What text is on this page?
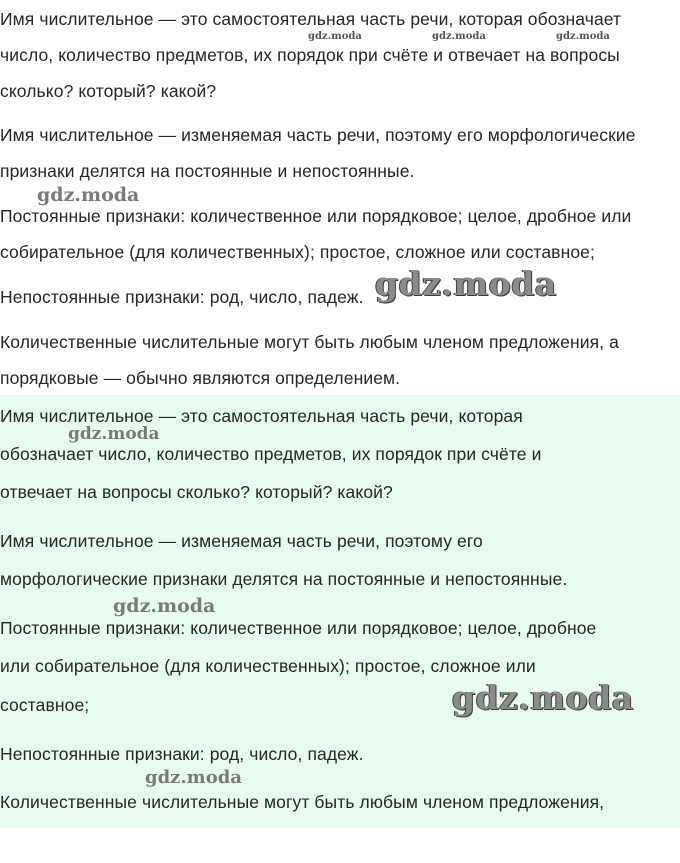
Имя числительное — это самостоятельная часть речи, которая обозначает
число, количество предметов, их порядок при счёте и отвечает на вопросы
сколько? который? какой?
Имя числительное — изменяемая часть речи, поэтому его морфологические
признаки делятся на постоянные и непостоянные.
Постоянные признаки: количественное или порядковое; целое, дробное или
собирательное (для количественных); простое, сложное или составное;
Непостоянные признаки: род, число, падеж.
Количественные числительные могут быть любым членом предложения, а
порядковые — обычно являются определением.
Имя числительное — это самостоятельная часть речи, которая
обозначает число, количество предметов, их порядок при счёте и
отвечает на вопросы сколько? который? какой?
Имя числительное — изменяемая часть речи, поэтому его
морфологические признаки делятся на постоянные и непостоянные.
Постоянные признаки: количественное или порядковое; целое, дробное
или собирательное (для количественных); простое, сложное или
составное;
Непостоянные признаки: род, число, падеж.
Количественные числительные могут быть любым членом предложения,
gdz.moda	gdz.moda	gdz.moda
gdz.moda
gdz.moda
gdz.moda
gdz.moda
gdz.moda
gdz.moda
